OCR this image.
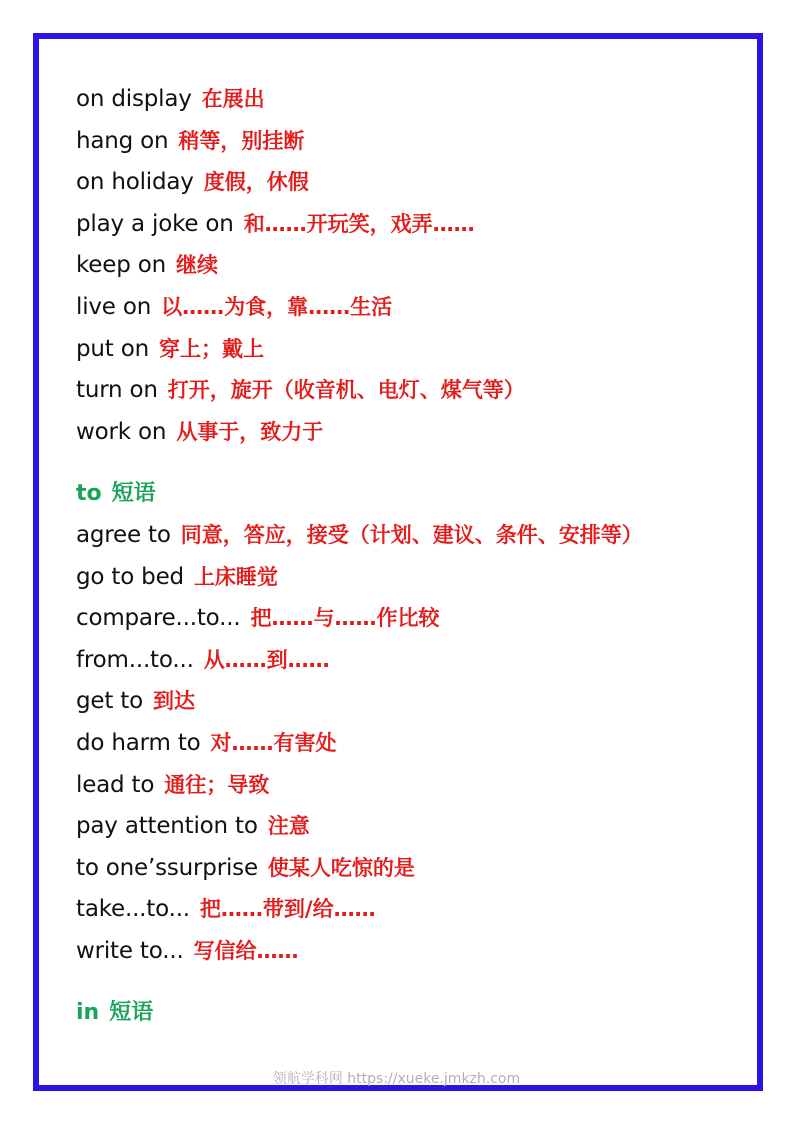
on display 在展出
hang on 稍等，别挂断
on holiday 度假，休假
play a joke on 和……开玩笑，戏弄……
keep on 继续
live on 以……为食，靠……生活
put on 穿上；戴上
turn on 打开，旋开（收音机、电灯、煤气等）
work on 从事于，致力于
to 短语
agree to 同意，答应，接受（计划、建议、条件、安排等）
go to bed 上床睡觉
compare...to... 把……与……作比较
from...to... 从……到……
get to 到达
do harm to 对……有害处
lead to 通往；导致
pay attention to 注意
to one’ssurprise 使某人吃惊的是
take...to... 把……带到/给……
write to... 写信给……
in 短语
领航学科网 https://xueke.jmkzh.com
